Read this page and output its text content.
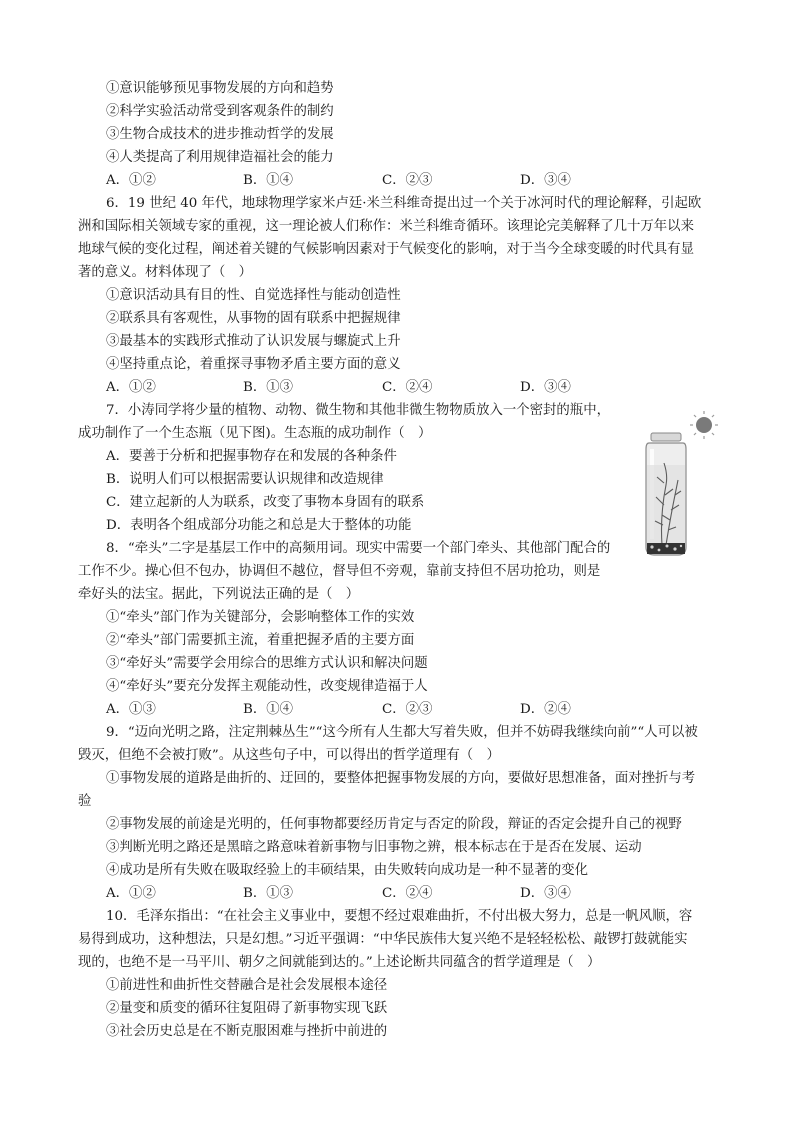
①意识能够预见事物发展的方向和趋势
②科学实验活动常受到客观条件的制约
③生物合成技术的进步推动哲学的发展
④人类提高了利用规律造福社会的能力
A．①②	B．①④	C．②③	D．③④
6．19 世纪 40 年代，地球物理学家米卢廷·米兰科维奇提出过一个关于冰河时代的理论解释，引起欧
洲和国际相关领域专家的重视，这一理论被人们称作：米兰科维奇循环。该理论完美解释了几十万年以来
地球气候的变化过程，阐述着关键的气候影响因素对于气候变化的影响，对于当今全球变暖的时代具有显
著的意义。材料体现了（　）
①意识活动具有目的性、自觉选择性与能动创造性
②联系具有客观性，从事物的固有联系中把握规律
③最基本的实践形式推动了认识发展与螺旋式上升
④坚持重点论，着重探寻事物矛盾主要方面的意义
A．①②	B．①③	C．②④	D．③④
7．小涛同学将少量的植物、动物、微生物和其他非微生物物质放入一个密封的瓶中，
成功制作了一个生态瓶（见下图)。生态瓶的成功制作（　）
A．要善于分析和把握事物存在和发展的各种条件
B．说明人们可以根据需要认识规律和改造规律
C．建立起新的人为联系，改变了事物本身固有的联系
D．表明各个组成部分功能之和总是大于整体的功能
8．“牵头”二字是基层工作中的高频用词。现实中需要一个部门牵头、其他部门配合的
工作不少。操心但不包办，协调但不越位，督导但不旁观，靠前支持但不居功抢功，则是
牵好头的法宝。据此，下列说法正确的是（　）
①“牵头”部门作为关键部分，会影响整体工作的实效
②“牵头”部门需要抓主流，着重把握矛盾的主要方面
③“牵好头”需要学会用综合的思维方式认识和解决问题
④“牵好头”要充分发挥主观能动性，改变规律造福于人
A．①③	B．①④	C．②③	D．②④
9．“迈向光明之路，注定荆棘丛生”“这今所有人生都大写着失败，但并不妨碍我继续向前”“人可以被
毁灭，但绝不会被打败”。从这些句子中，可以得出的哲学道理有（　）
①事物发展的道路是曲折的、迂回的，要整体把握事物发展的方向，要做好思想准备，面对挫折与考
验
②事物发展的前途是光明的，任何事物都要经历肯定与否定的阶段，辩证的否定会提升自己的视野
③判断光明之路还是黑暗之路意味着新事物与旧事物之辨，根本标志在于是否在发展、运动
④成功是所有失败在吸取经验上的丰硕结果，由失败转向成功是一种不显著的变化
A．①②	B．①③	C．②④	D．③④
10．毛泽东指出：“在社会主义事业中，要想不经过艰难曲折，不付出极大努力，总是一帆风顺，容
易得到成功，这种想法，只是幻想。”习近平强调：“中华民族伟大复兴绝不是轻轻松松、敲锣打鼓就能实
现的，也绝不是一马平川、朝夕之间就能到达的。”上述论断共同蕴含的哲学道理是（　）
①前进性和曲折性交替融合是社会发展根本途径
②量变和质变的循环往复阻碍了新事物实现飞跃
③社会历史总是在不断克服困难与挫折中前进的
